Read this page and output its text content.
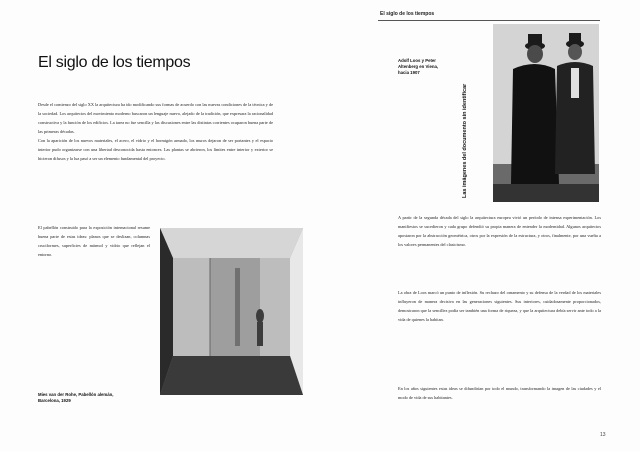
El siglo de los tiempos
El siglo de los tiempos

Desde el comienzo del siglo XX la arquitectura ha ido modificando sus formas de acuerdo con las nuevas condiciones de la técnica y de la sociedad. Los arquitectos del movimiento moderno buscaron un lenguaje nuevo, alejado de la tradición, que expresara la racionalidad constructiva y la función de los edificios. La tarea no fue sencilla y las discusiones entre las distintas corrientes ocuparon buena parte de las primeras décadas.

Con la aparición de los nuevos materiales, el acero, el vidrio y el hormigón armado, los muros dejaron de ser portantes y el espacio interior pudo organizarse con una libertad desconocida hasta entonces. Las plantas se abrieron, los límites entre interior y exterior se hicieron difusos y la luz pasó a ser un elemento fundamental del proyecto.

El pabellón construido para la exposición internacional resume buena parte de estas ideas: planos que se deslizan, columnas cruciformes, superficies de mármol y vidrio que reflejan el entorno.

Mies van der Rohe, Pabellón alemán, Barcelona, 1929
Adolf Loos y Peter Altenberg en Viena, hacia 1907
Las imágenes del documento sin identificar

A partir de la segunda década del siglo la arquitectura europea vivió un período de intensa experimentación. Los manifiestos se sucedieron y cada grupo defendió su propia manera de entender la modernidad. Algunos arquitectos apostaron por la abstracción geométrica, otros por la expresión de la estructura, y otros, finalmente, por una vuelta a los valores permanentes del clasicismo.

La obra de Loos marcó un punto de inflexión. Su rechazo del ornamento y su defensa de la verdad de los materiales influyeron de manera decisiva en las generaciones siguientes. Sus interiores, cuidadosamente proporcionados, demostraron que la sencillez podía ser también una forma de riqueza, y que la arquitectura debía servir ante todo a la vida de quienes la habitan.

En los años siguientes estas ideas se difundirían por todo el mundo, transformando la imagen de las ciudades y el modo de vida de sus habitantes.

13
